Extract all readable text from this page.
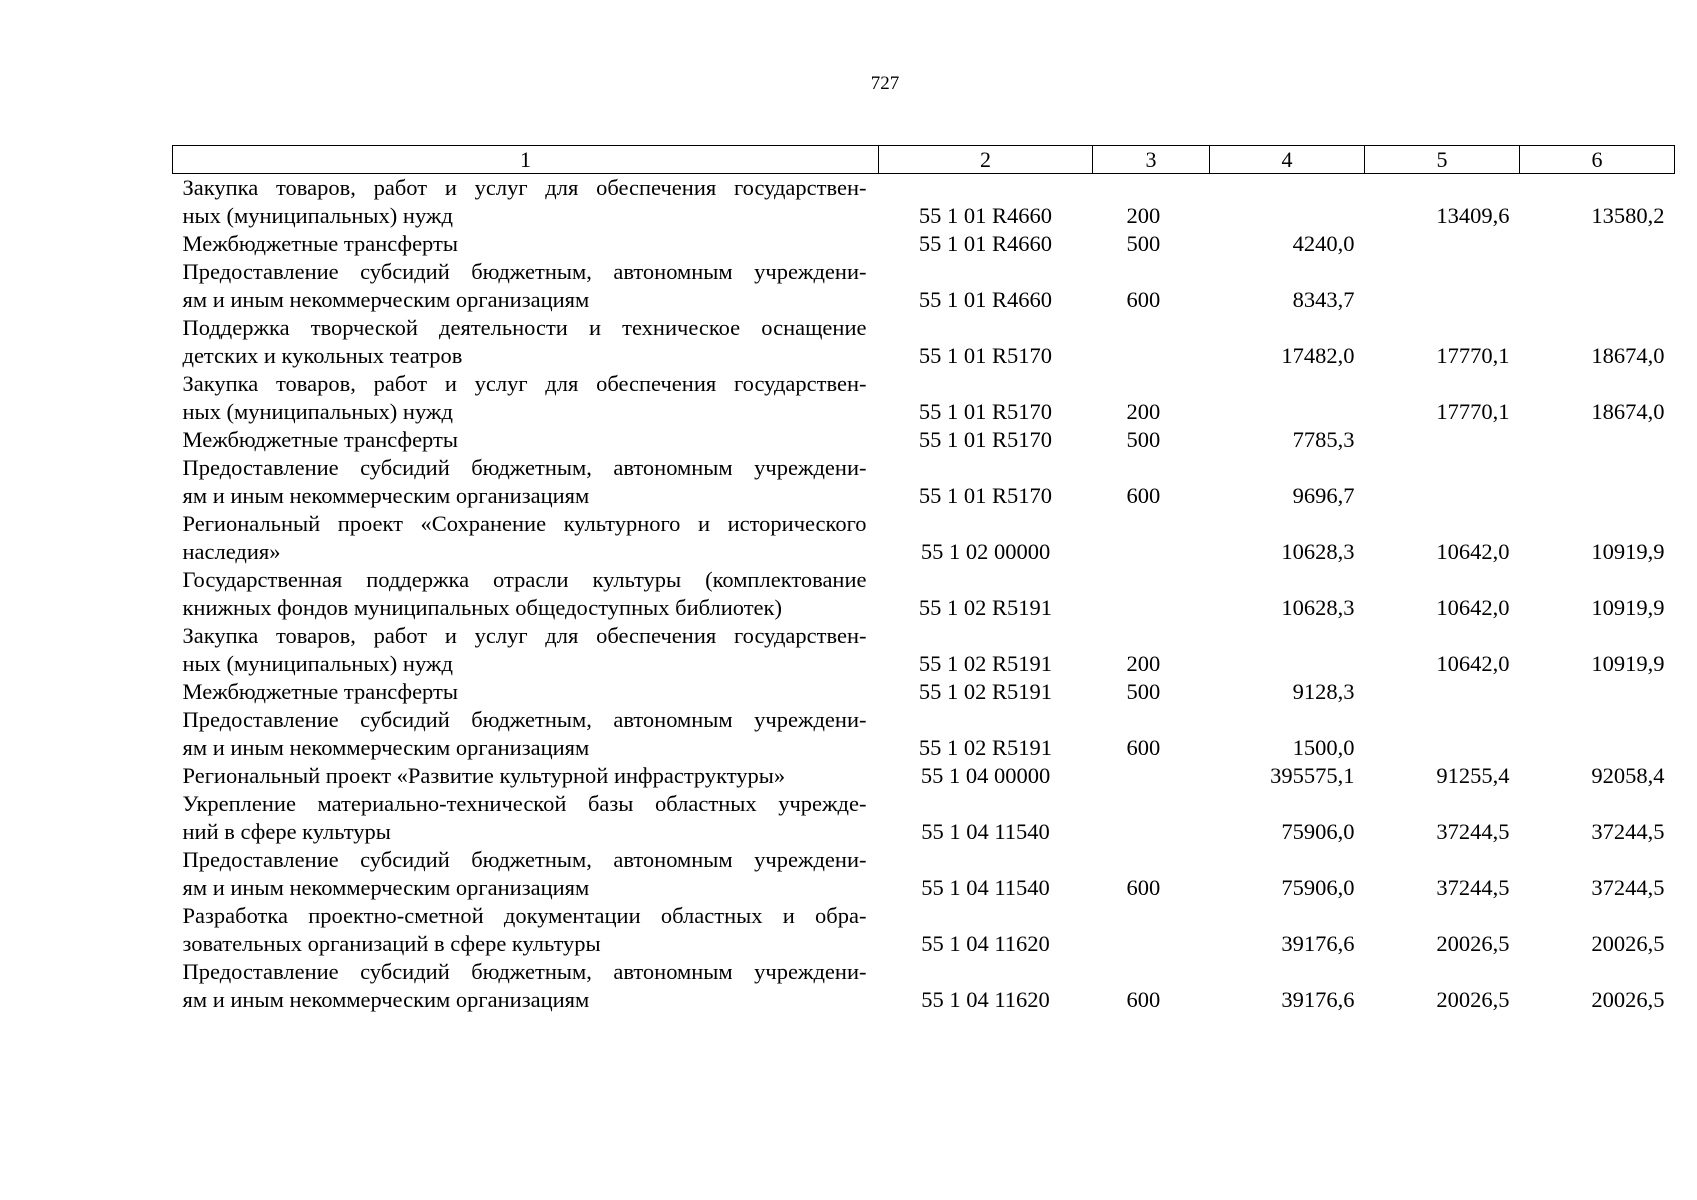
727
1	2	3	4	5	6

Закупка товаров, работ и услуг для обеспечения государствен-
ных (муниципальных) нужд	55 1 01 R4660	200		13409,6	13580,2

Межбюджетные трансферты	55 1 01 R4660	500	4240,0		

Предоставление субсидий бюджетным, автономным учреждени-
ям и иным некоммерческим организациям	55 1 01 R4660	600	8343,7		

Поддержка творческой деятельности и техническое оснащение
детских и кукольных театров	55 1 01 R5170		17482,0	17770,1	18674,0

Закупка товаров, работ и услуг для обеспечения государствен-
ных (муниципальных) нужд	55 1 01 R5170	200		17770,1	18674,0

Межбюджетные трансферты	55 1 01 R5170	500	7785,3		

Предоставление субсидий бюджетным, автономным учреждени-
ям и иным некоммерческим организациям	55 1 01 R5170	600	9696,7		

Региональный проект «Сохранение культурного и исторического
наследия»	55 1 02 00000		10628,3	10642,0	10919,9

Государственная поддержка отрасли культуры (комплектование
книжных фондов муниципальных общедоступных библиотек)	55 1 02 R5191		10628,3	10642,0	10919,9

Закупка товаров, работ и услуг для обеспечения государствен-
ных (муниципальных) нужд	55 1 02 R5191	200		10642,0	10919,9

Межбюджетные трансферты	55 1 02 R5191	500	9128,3		

Предоставление субсидий бюджетным, автономным учреждени-
ям и иным некоммерческим организациям	55 1 02 R5191	600	1500,0		

Региональный проект «Развитие культурной инфраструктуры»	55 1 04 00000		395575,1	91255,4	92058,4

Укрепление материально-технической базы областных учрежде-
ний в сфере культуры	55 1 04 11540		75906,0	37244,5	37244,5

Предоставление субсидий бюджетным, автономным учреждени-
ям и иным некоммерческим организациям	55 1 04 11540	600	75906,0	37244,5	37244,5

Разработка проектно-сметной документации областных и обра-
зовательных организаций в сфере культуры	55 1 04 11620		39176,6	20026,5	20026,5

Предоставление субсидий бюджетным, автономным учреждени-
ям и иным некоммерческим организациям	55 1 04 11620	600	39176,6	20026,5	20026,5
